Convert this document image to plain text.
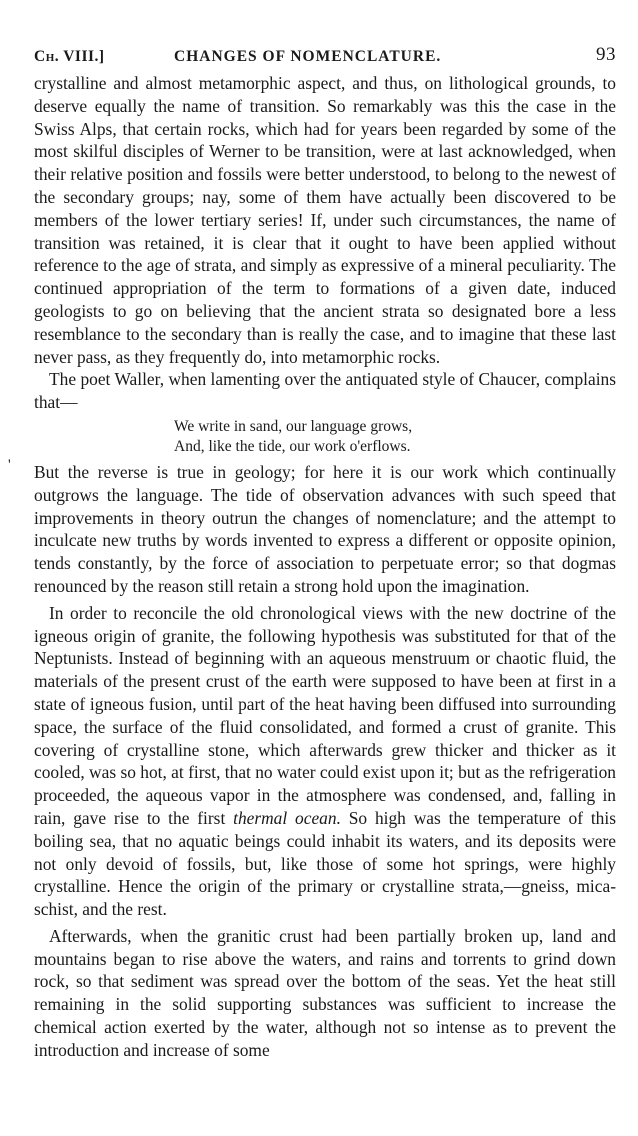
Ch. VIII.]	CHANGES OF NOMENCLATURE.	93

crystalline and almost metamorphic aspect, and thus, on lithological grounds, to deserve equally the name of transition. So remarkably was this the case in the Swiss Alps, that certain rocks, which had for years been regarded by some of the most skilful disciples of Werner to be transition, were at last acknowledged, when their relative position and fossils were better understood, to belong to the newest of the secondary groups; nay, some of them have actually been discovered to be members of the lower tertiary series! If, under such circumstances, the name of transition was retained, it is clear that it ought to have been applied without reference to the age of strata, and simply as expressive of a mineral peculiarity. The continued appropriation of the term to formations of a given date, induced geologists to go on believing that the ancient strata so designated bore a less resemblance to the secondary than is really the case, and to imagine that these last never pass, as they frequently do, into metamorphic rocks.

The poet Waller, when lamenting over the antiquated style of Chaucer, complains that—

We write in sand, our language grows,
And, like the tide, our work o'erflows.

But the reverse is true in geology; for here it is our work which continually outgrows the language. The tide of observation advances with such speed that improvements in theory outrun the changes of nomenclature; and the attempt to inculcate new truths by words invented to express a different or opposite opinion, tends constantly, by the force of association to perpetuate error; so that dogmas renounced by the reason still retain a strong hold upon the imagination.

In order to reconcile the old chronological views with the new doctrine of the igneous origin of granite, the following hypothesis was substituted for that of the Neptunists. Instead of beginning with an aqueous menstruum or chaotic fluid, the materials of the present crust of the earth were supposed to have been at first in a state of igneous fusion, until part of the heat having been diffused into surrounding space, the surface of the fluid consolidated, and formed a crust of granite. This covering of crystalline stone, which afterwards grew thicker and thicker as it cooled, was so hot, at first, that no water could exist upon it; but as the refrigeration proceeded, the aqueous vapor in the atmosphere was condensed, and, falling in rain, gave rise to the first thermal ocean. So high was the temperature of this boiling sea, that no aquatic beings could inhabit its waters, and its deposits were not only devoid of fossils, but, like those of some hot springs, were highly crystalline. Hence the origin of the primary or crystalline strata,—gneiss, mica-schist, and the rest.

Afterwards, when the granitic crust had been partially broken up, land and mountains began to rise above the waters, and rains and torrents to grind down rock, so that sediment was spread over the bottom of the seas. Yet the heat still remaining in the solid supporting substances was sufficient to increase the chemical action exerted by the water, although not so intense as to prevent the introduction and increase of some

'
